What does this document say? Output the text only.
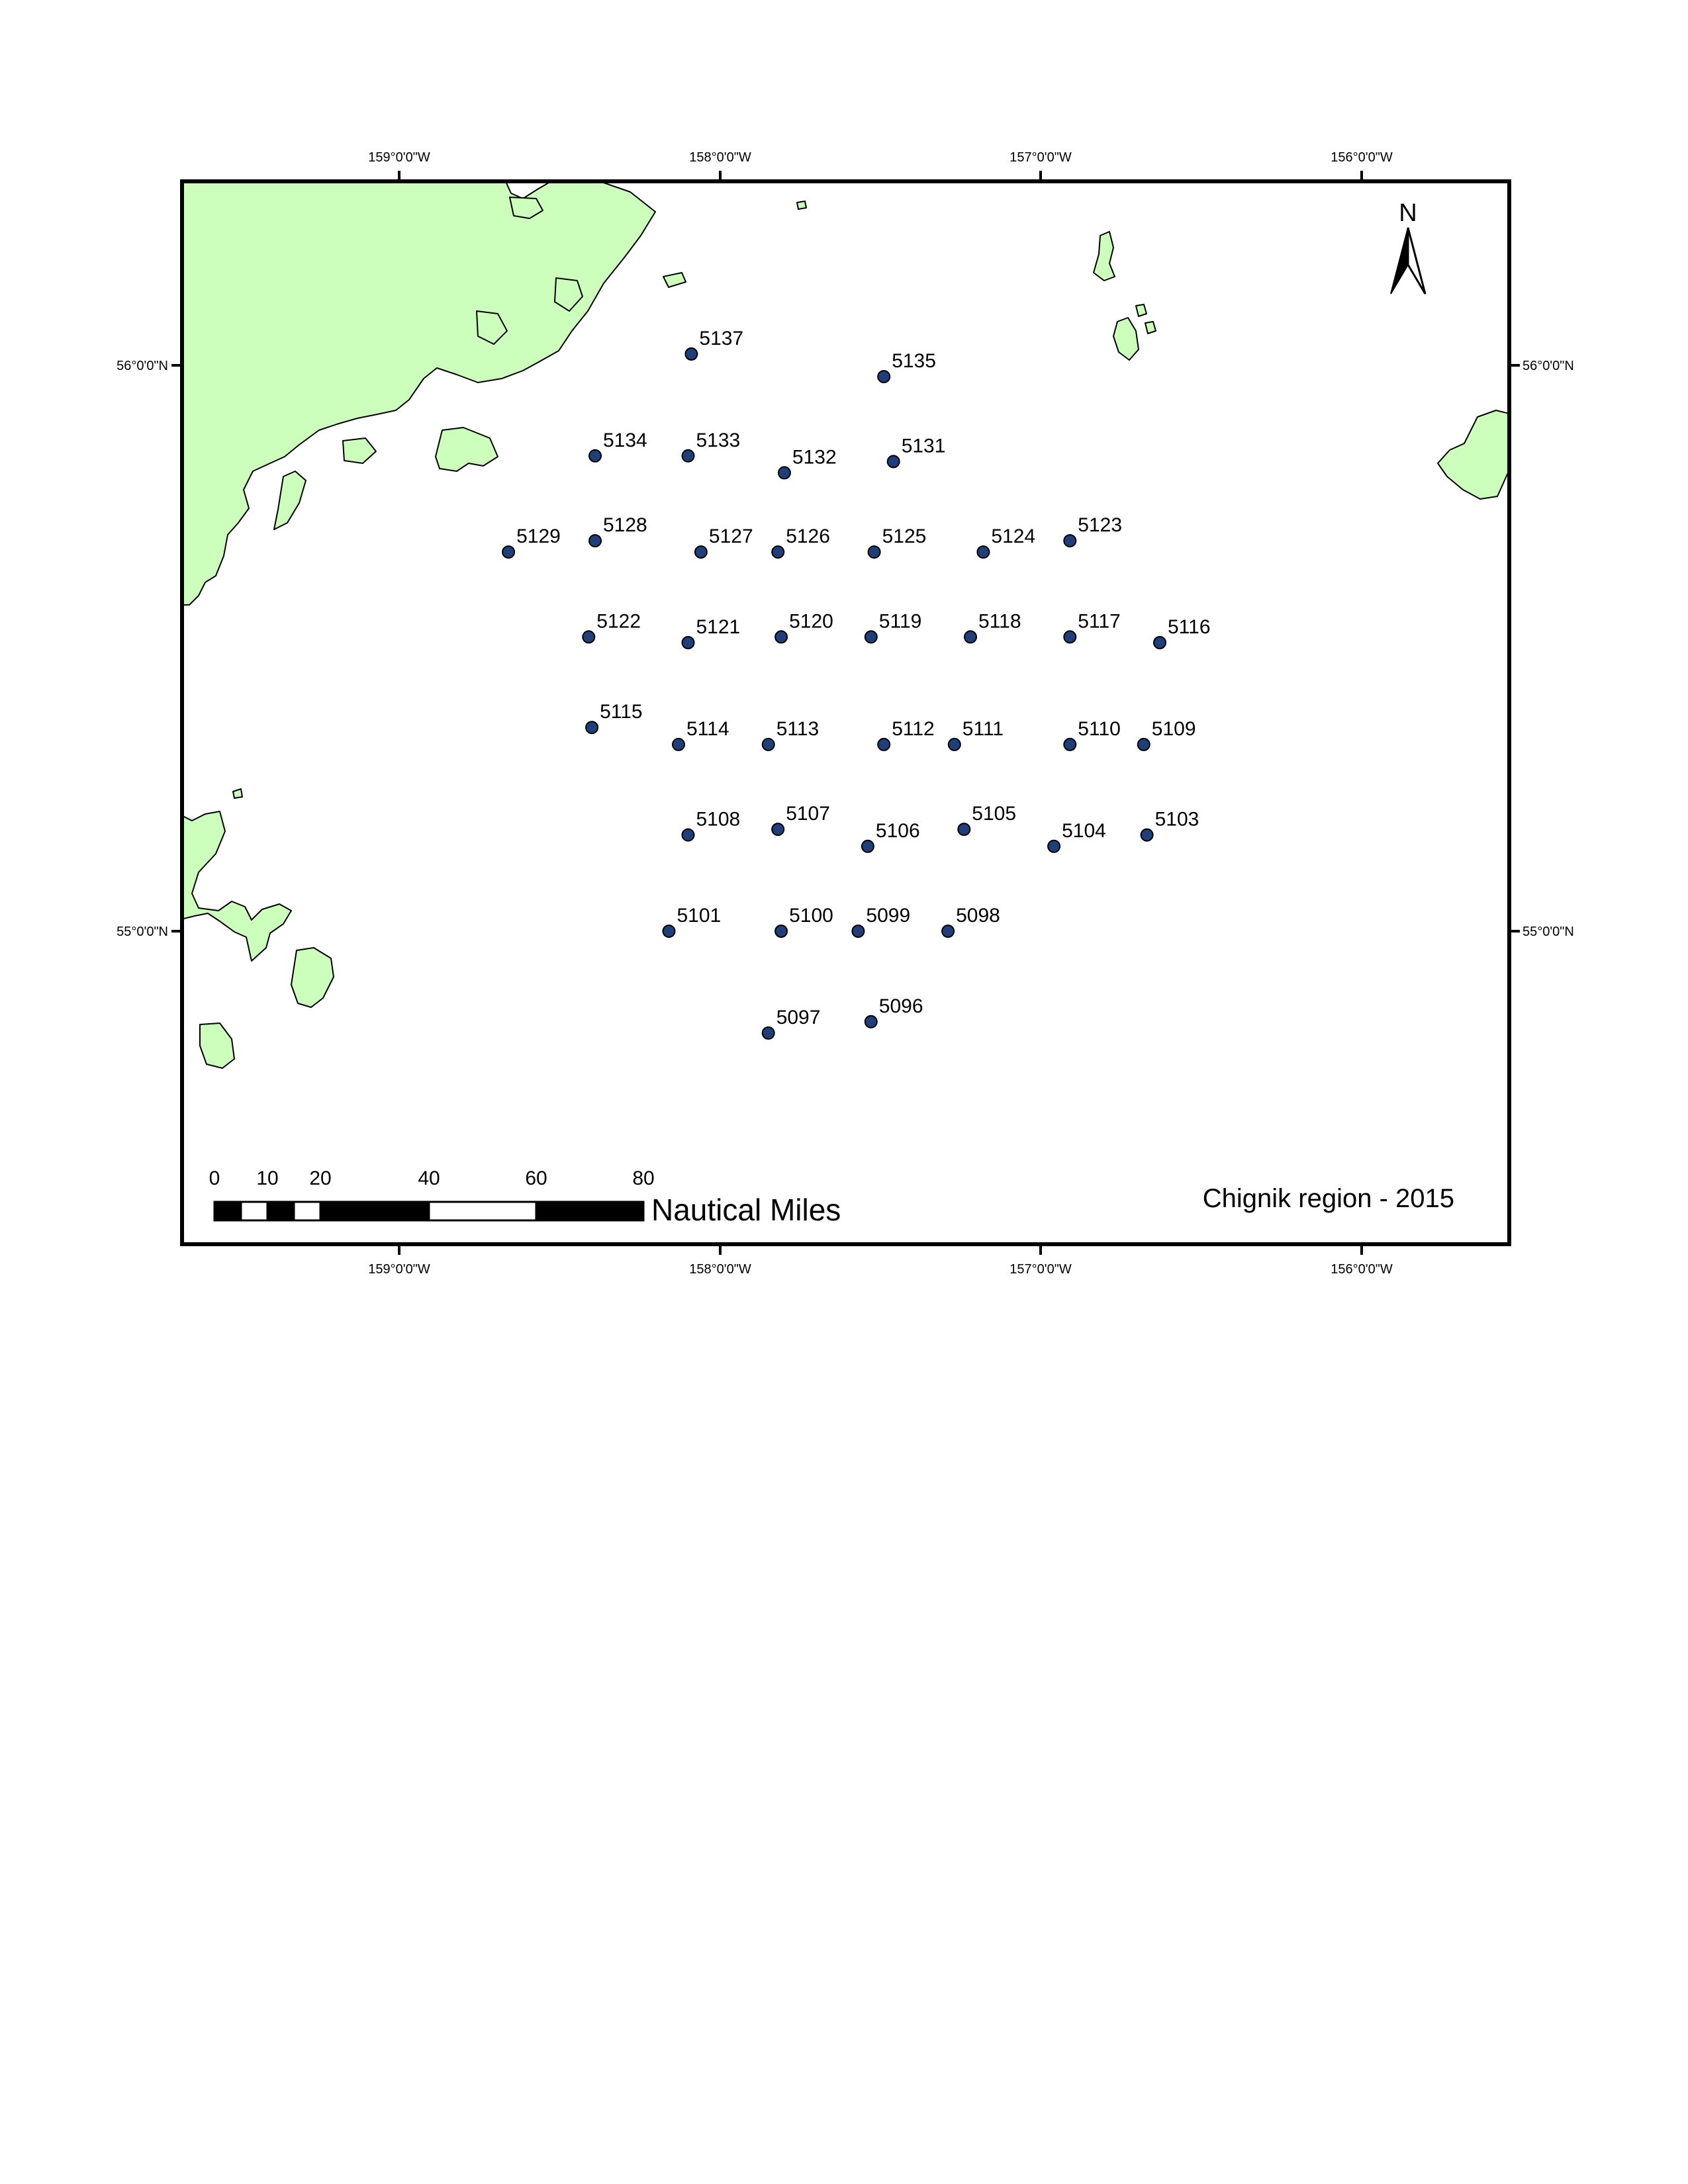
159°0'0"W	158°0'0"W	157°0'0"W	156°0'0"W
159°0'0"W	158°0'0"W	157°0'0"W	156°0'0"W
56°0'0"N
55°0'0"N
56°0'0"N
55°0'0"N
5137
5135
5134 5133
5132
5131
5129
5128
5127 5126	5125	5124
5123
5122	5121 5120 5119	5118	5117 5116
5115
5114 5113	5112 5111	5110 5109
5108 5107
5106
5105
5104
5103
5101	5100 5099 5098
5097
5096
N
0 10 20	40	60	80
Nautical Miles	Chignik region - 2015
